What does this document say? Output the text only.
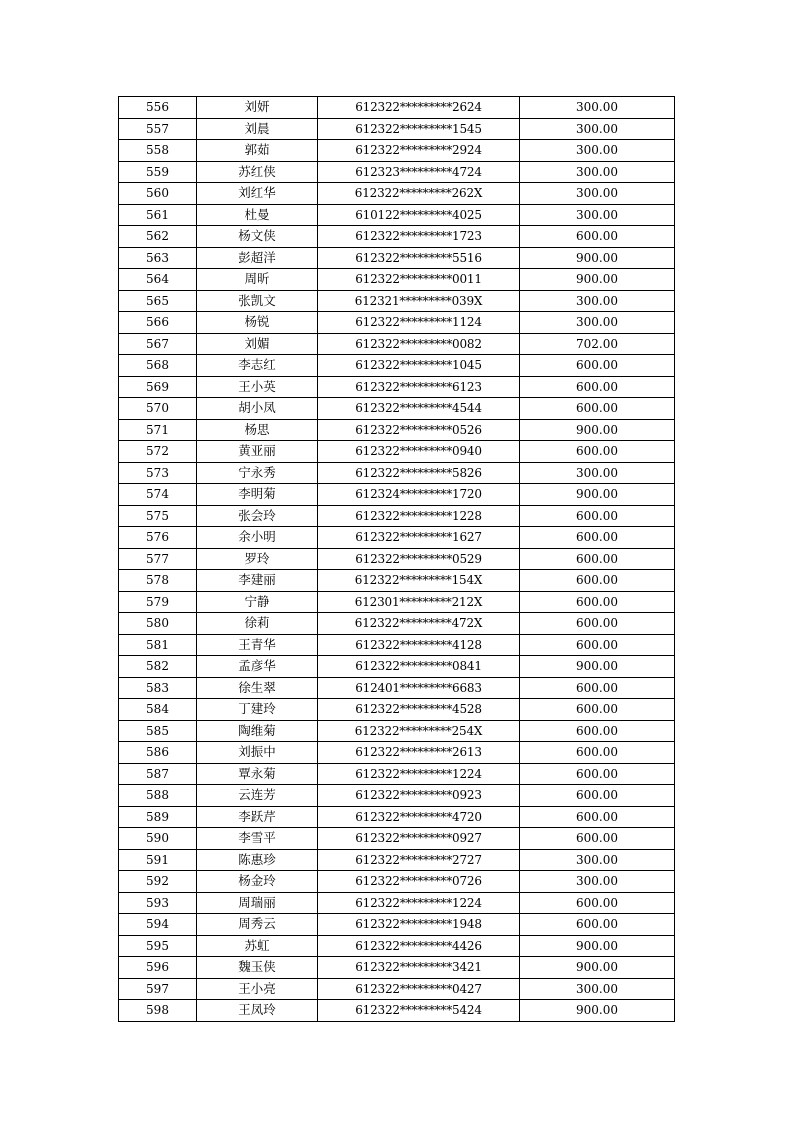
556	刘妍	612322*********2624	300.00
557	刘晨	612322*********1545	300.00
558	郭茹	612322*********2924	300.00
559	苏红侠	612323*********4724	300.00
560	刘红华	612322*********262X	300.00
561	杜曼	610122*********4025	300.00
562	杨文侠	612322*********1723	600.00
563	彭超洋	612322*********5516	900.00
564	周昕	612322*********0011	900.00
565	张凯文	612321*********039X	300.00
566	杨锐	612322*********1124	300.00
567	刘媚	612322*********0082	702.00
568	李志红	612322*********1045	600.00
569	王小英	612322*********6123	600.00
570	胡小凤	612322*********4544	600.00
571	杨思	612322*********0526	900.00
572	黄亚丽	612322*********0940	600.00
573	宁永秀	612322*********5826	300.00
574	李明菊	612324*********1720	900.00
575	张会玲	612322*********1228	600.00
576	余小明	612322*********1627	600.00
577	罗玲	612322*********0529	600.00
578	李建丽	612322*********154X	600.00
579	宁静	612301*********212X	600.00
580	徐莉	612322*********472X	600.00
581	王青华	612322*********4128	600.00
582	孟彦华	612322*********0841	900.00
583	徐生翠	612401*********6683	600.00
584	丁建玲	612322*********4528	600.00
585	陶维菊	612322*********254X	600.00
586	刘振中	612322*********2613	600.00
587	覃永菊	612322*********1224	600.00
588	云连芳	612322*********0923	600.00
589	李跃芹	612322*********4720	600.00
590	李雪平	612322*********0927	600.00
591	陈惠珍	612322*********2727	300.00
592	杨金玲	612322*********0726	300.00
593	周瑞丽	612322*********1224	600.00
594	周秀云	612322*********1948	600.00
595	苏虹	612322*********4426	900.00
596	魏玉侠	612322*********3421	900.00
597	王小亮	612322*********0427	300.00
598	王凤玲	612322*********5424	900.00
